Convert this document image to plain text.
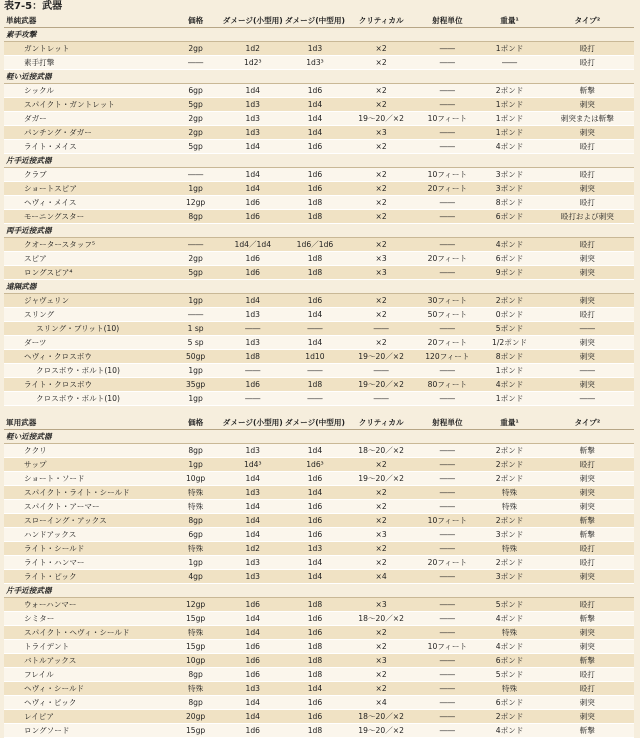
表7-5：武器
単純武器	価格	ダメージ(小型用)	ダメージ(中型用)	クリティカル	射程単位	重量¹	タイプ²
素手攻撃							
ガントレット	2gp	1d2	1d3	×2	――	1ポンド	殴打
素手打撃	――	1d2³	1d3³	×2	――	――	殴打
軽い近接武器							
シックル	6gp	1d4	1d6	×2	――	2ポンド	斬撃
スパイクト・ガントレット	5gp	1d3	1d4	×2	――	1ポンド	刺突
ダガー	2gp	1d3	1d4	19～20／×2	10フィート	1ポンド	刺突または斬撃
パンチング・ダガー	2gp	1d3	1d4	×3	――	1ポンド	刺突
ライト・メイス	5gp	1d4	1d6	×2	――	4ポンド	殴打
片手近接武器							
クラブ	――	1d4	1d6	×2	10フィート	3ポンド	殴打
ショートスピア	1gp	1d4	1d6	×2	20フィート	3ポンド	刺突
ヘヴィ・メイス	12gp	1d6	1d8	×2	――	8ポンド	殴打
モーニングスター	8gp	1d6	1d8	×2	――	6ポンド	殴打および刺突
両手近接武器							
クオータースタッフ⁵	――	1d4／1d4	1d6／1d6	×2	――	4ポンド	殴打
スピア	2gp	1d6	1d8	×3	20フィート	6ポンド	刺突
ロングスピア⁴	5gp	1d6	1d8	×3	――	9ポンド	刺突
遠隔武器							
ジャヴェリン	1gp	1d4	1d6	×2	30フィート	2ポンド	刺突
スリング	――	1d3	1d4	×2	50フィート	0ポンド	殴打
スリング・ブリット(10)	1 sp	――	――	――	――	5ポンド	――
ダーツ	5 sp	1d3	1d4	×2	20フィート	1/2ポンド	刺突
ヘヴィ・クロスボウ	50gp	1d8	1d10	19～20／×2	120フィート	8ポンド	刺突
クロスボウ・ボルト(10)	1gp	――	――	――	――	1ポンド	――
ライト・クロスボウ	35gp	1d6	1d8	19～20／×2	80フィート	4ポンド	刺突
クロスボウ・ボルト(10)	1gp	――	――	――	――	1ポンド	――

軍用武器	価格	ダメージ(小型用)	ダメージ(中型用)	クリティカル	射程単位	重量¹	タイプ²
軽い近接武器							
ククリ	8gp	1d3	1d4	18～20／×2	――	2ポンド	斬撃
サップ	1gp	1d4³	1d6³	×2	――	2ポンド	殴打
ショート・ソード	10gp	1d4	1d6	19～20／×2	――	2ポンド	刺突
スパイクト・ライト・シールド	特殊	1d3	1d4	×2	――	特殊	刺突
スパイクト・アーマー	特殊	1d4	1d6	×2	――	特殊	刺突
スローイング・アックス	8gp	1d4	1d6	×2	10フィート	2ポンド	斬撃
ハンドアックス	6gp	1d4	1d6	×3	――	3ポンド	斬撃
ライト・シールド	特殊	1d2	1d3	×2	――	特殊	殴打
ライト・ハンマー	1gp	1d3	1d4	×2	20フィート	2ポンド	殴打
ライト・ピック	4gp	1d3	1d4	×4	――	3ポンド	刺突
片手近接武器							
ウォーハンマー	12gp	1d6	1d8	×3	――	5ポンド	殴打
シミター	15gp	1d4	1d6	18～20／×2	――	4ポンド	斬撃
スパイクト・ヘヴィ・シールド	特殊	1d4	1d6	×2	――	特殊	刺突
トライデント	15gp	1d6	1d8	×2	10フィート	4ポンド	刺突
バトルアックス	10gp	1d6	1d8	×3	――	6ポンド	斬撃
フレイル	8gp	1d6	1d8	×2	――	5ポンド	殴打
ヘヴィ・シールド	特殊	1d3	1d4	×2	――	特殊	殴打
ヘヴィ・ピック	8gp	1d4	1d6	×4	――	6ポンド	刺突
レイピア	20gp	1d4	1d6	18～20／×2	――	2ポンド	刺突
ロングソード	15gp	1d6	1d8	19～20／×2	――	4ポンド	斬撃
